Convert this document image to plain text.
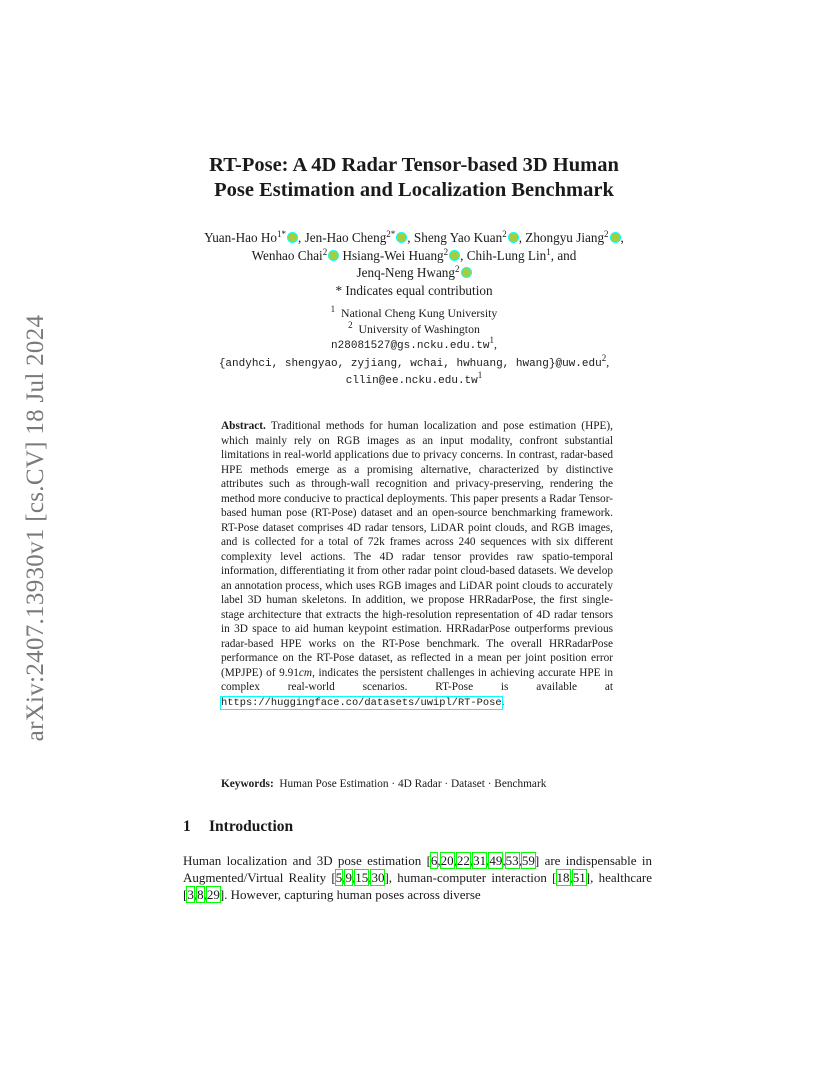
arXiv:2407.13930v1 [cs.CV] 18 Jul 2024
RT-Pose: A 4D Radar Tensor-based 3D Human
Pose Estimation and Localization Benchmark
Yuan-Hao $Ho^{1*}$ , Jen-Hao Cheng$^{2*}$ , Sheng Yao Kuan$^2$ , Zhongyu Jiang$^2$ ,
Wenhao Chai$^2$ Hsiang-Wei Huang$^2$ , Chih-Lung Lin$^1$, and
Jenq-Neng Hwang$^2$
* Indicates equal contribution
$^1$ National Cheng Kung University
$^2$ University of Washington
$n28081527@gs.ncku.edu.tw^1$,
{andyhci, shengyao, zyjiang, wchai, hwhuang, hwang}@uw.edu$^2$,
$cllin@ee.ncku.edu.tw^1$
Abstract. Traditional methods for human localization and pose estimation (HPE), which mainly rely on RGB images as an input modality, confront substantial limitations in real-world applications due to privacy concerns. In contrast, radar-based HPE methods emerge as a promising alternative, characterized by distinctive attributes such as through-wall recognition and privacy-preserving, rendering the method more conducive to practical deployments. This paper presents a Radar Tensor-based human pose (RT-Pose) dataset and an open-source benchmarking framework. RT-Pose dataset comprises 4D radar tensors, LiDAR point clouds, and RGB images, and is collected for a total of 72k frames across 240 sequences with six different complexity level actions. The 4D radar tensor provides raw spatio-temporal information, differentiating it from other radar point cloud-based datasets. We develop an annotation process, which uses RGB images and LiDAR point clouds to accurately label 3D human skeletons. In addition, we propose HRRadarPose, the first single-stage architecture that extracts the high-resolution representation of 4D radar tensors in 3D space to aid human keypoint estimation. HRRadarPose outperforms previous radar-based HPE works on the RT-Pose benchmark. The overall HRRadarPose performance on the RT-Pose dataset, as reflected in a mean per joint position error (MPJPE) of 9.91cm, indicates the persistent challenges in achieving accurate HPE in complex real-world scenarios. RT-Pose is available at https://huggingface.co/datasets/uwipl/RT-Pose.
Keywords: Human Pose Estimation · 4D Radar · Dataset · Benchmark
1 Introduction
Human localization and 3D pose estimation [6,20,22,31,49,53,59] are indispensable in Augmented/Virtual Reality [5,9,15,30], human-computer interaction [18,51], healthcare [3,8,29]. However, capturing human poses across diverse
